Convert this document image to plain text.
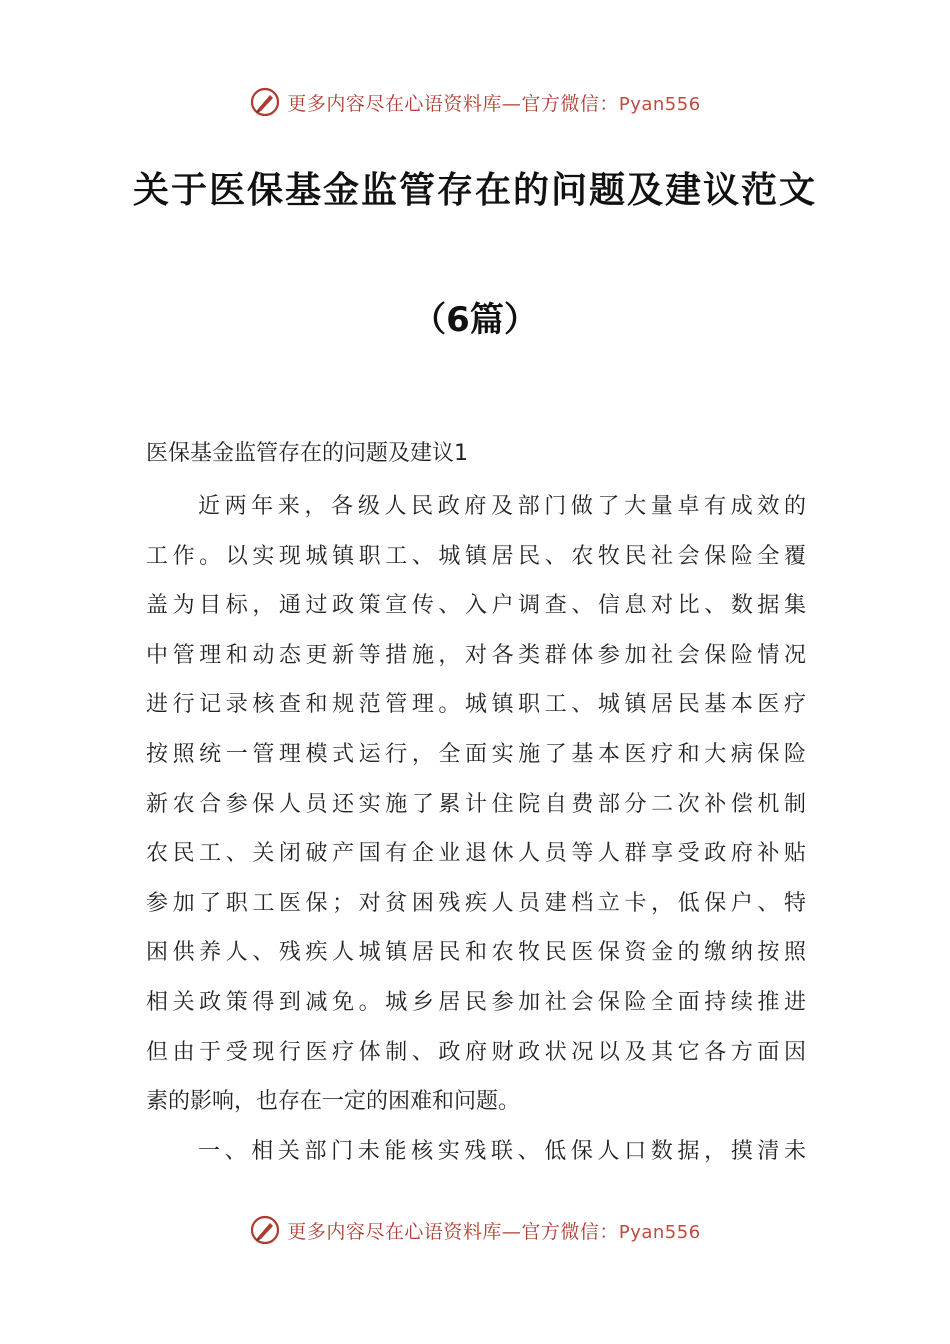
更多内容尽在心语资料库—官方微信：Pyan556
关于医保基金监管存在的问题及建议范文
（6篇）

医保基金监管存在的问题及建议1

近两年来，各级人民政府及部门做了大量卓有成效的
工作。以实现城镇职工、城镇居民、农牧民社会保险全覆
盖为目标，通过政策宣传、入户调查、信息对比、数据集
中管理和动态更新等措施，对各类群体参加社会保险情况
进行记录核查和规范管理。城镇职工、城镇居民基本医疗
按照统一管理模式运行，全面实施了基本医疗和大病保险
新农合参保人员还实施了累计住院自费部分二次补偿机制
农民工、关闭破产国有企业退休人员等人群享受政府补贴
参加了职工医保；对贫困残疾人员建档立卡，低保户、特
困供养人、残疾人城镇居民和农牧民医保资金的缴纳按照
相关政策得到减免。城乡居民参加社会保险全面持续推进
但由于受现行医疗体制、政府财政状况以及其它各方面因
素的影响，也存在一定的困难和问题。
一、相关部门未能核实残联、低保人口数据，摸清未
更多内容尽在心语资料库—官方微信：Pyan556
